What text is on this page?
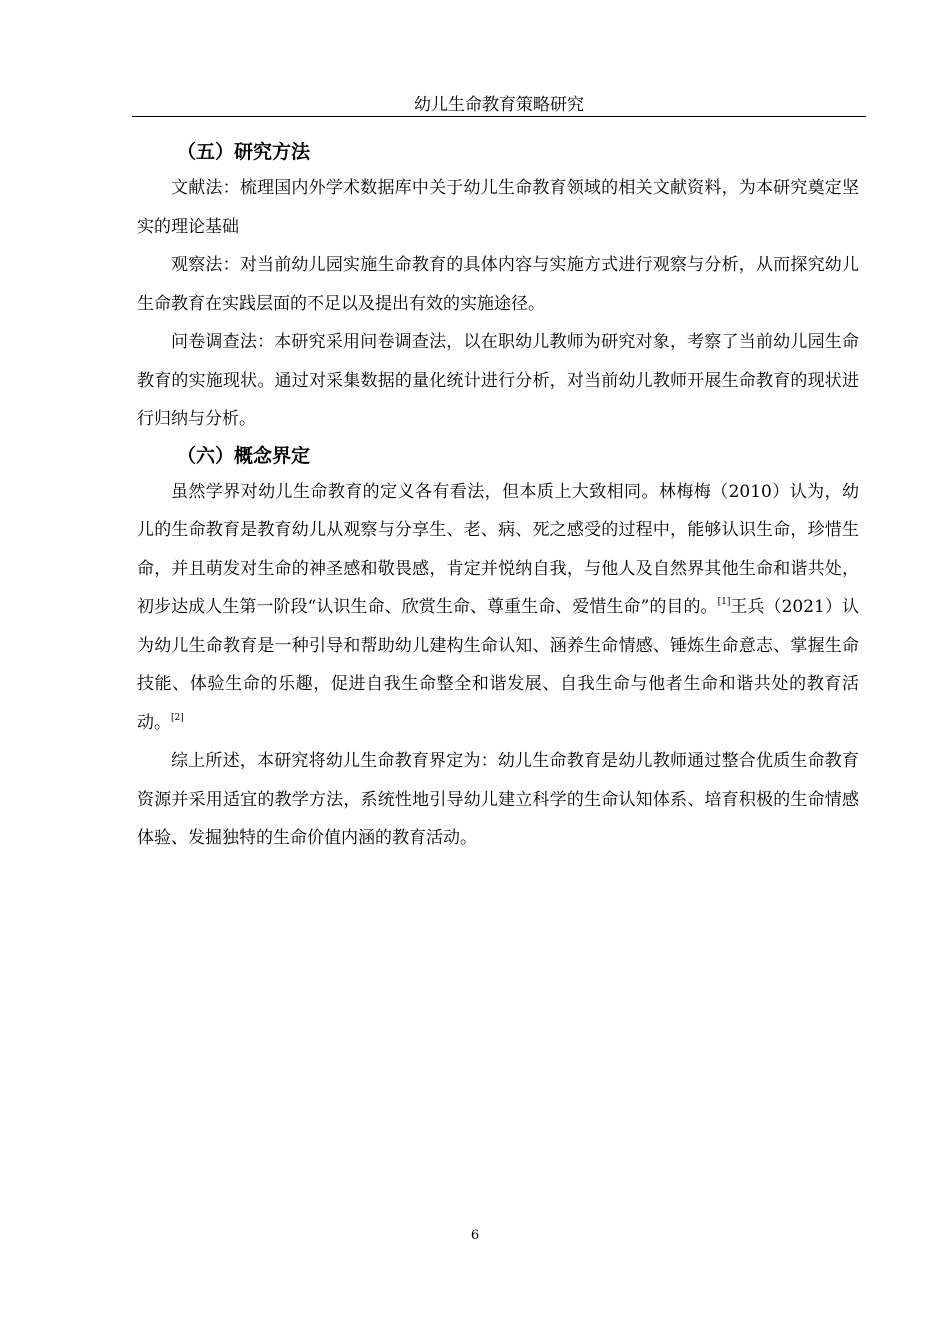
幼儿生命教育策略研究
（五）研究方法

文献法：梳理国内外学术数据库中关于幼儿生命教育领域的相关文献资料，为本研究奠定坚实的理论基础

观察法：对当前幼儿园实施生命教育的具体内容与实施方式进行观察与分析，从而探究幼儿生命教育在实践层面的不足以及提出有效的实施途径。

问卷调查法：本研究采用问卷调查法，以在职幼儿教师为研究对象，考察了当前幼儿园生命教育的实施现状。通过对采集数据的量化统计进行分析，对当前幼儿教师开展生命教育的现状进行归纳与分析。

（六）概念界定

虽然学界对幼儿生命教育的定义各有看法，但本质上大致相同。林梅梅（2010）认为，幼儿的生命教育是教育幼儿从观察与分享生、老、病、死之感受的过程中，能够认识生命，珍惜生命，并且萌发对生命的神圣感和敬畏感，肯定并悦纳自我，与他人及自然界其他生命和谐共处，初步达成人生第一阶段“认识生命、欣赏生命、尊重生命、爱惜生命”的目的。[1]王兵（2021）认为幼儿生命教育是一种引导和帮助幼儿建构生命认知、涵养生命情感、锤炼生命意志、掌握生命技能、体验生命的乐趣，促进自我生命整全和谐发展、自我生命与他者生命和谐共处的教育活动。[2]

综上所述，本研究将幼儿生命教育界定为：幼儿生命教育是幼儿教师通过整合优质生命教育资源并采用适宜的教学方法，系统性地引导幼儿建立科学的生命认知体系、培育积极的生命情感体验、发掘独特的生命价值内涵的教育活动。

6
